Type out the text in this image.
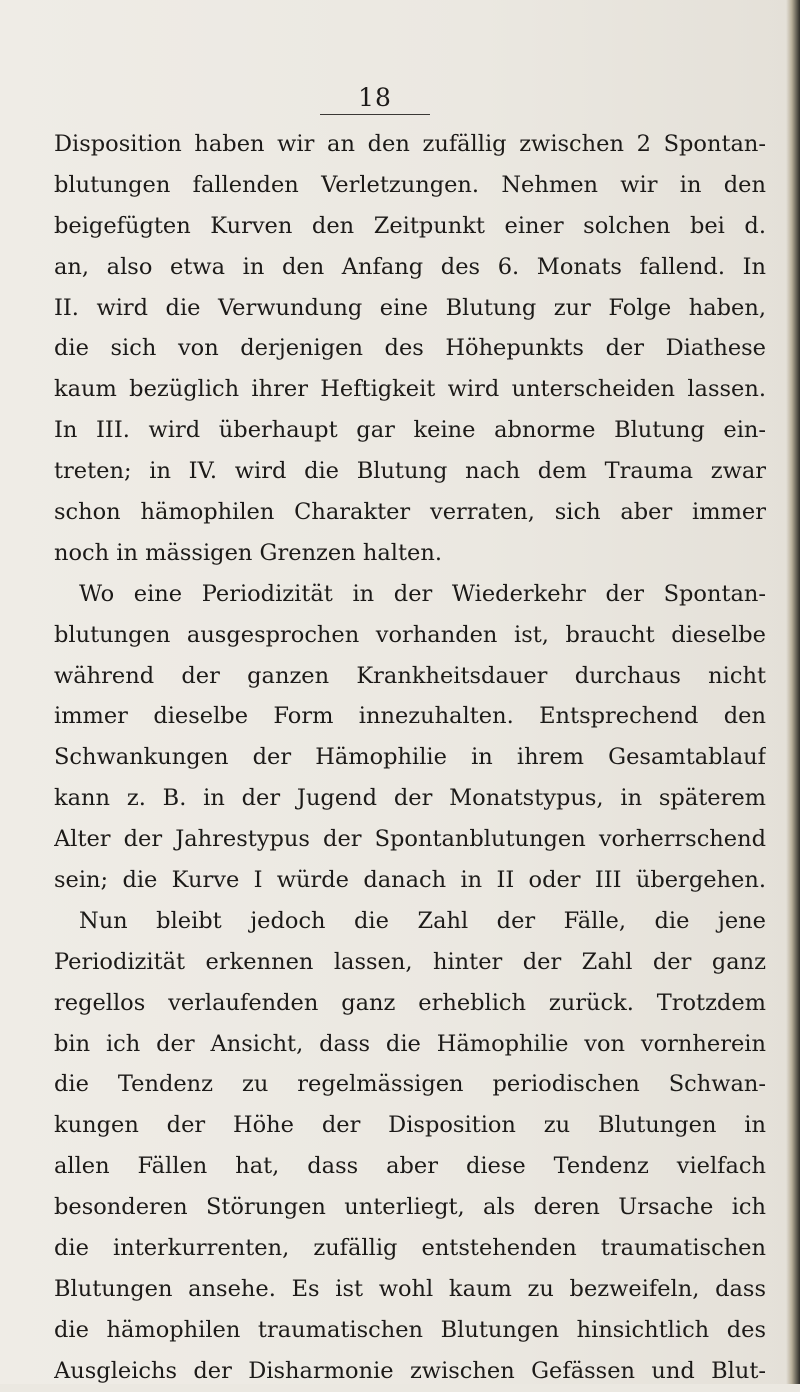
18
Disposition haben wir an den zufällig zwischen 2 Spontan-
blutungen fallenden Verletzungen. Nehmen wir in den
beigefügten Kurven den Zeitpunkt einer solchen bei d.
an, also etwa in den Anfang des 6. Monats fallend. In
II. wird die Verwundung eine Blutung zur Folge haben,
die sich von derjenigen des Höhepunkts der Diathese
kaum bezüglich ihrer Heftigkeit wird unterscheiden lassen.
In III. wird überhaupt gar keine abnorme Blutung ein-
treten; in IV. wird die Blutung nach dem Trauma zwar
schon hämophilen Charakter verraten, sich aber immer
noch in mässigen Grenzen halten.
Wo eine Periodizität in der Wiederkehr der Spontan-
blutungen ausgesprochen vorhanden ist, braucht dieselbe
während der ganzen Krankheitsdauer durchaus nicht
immer dieselbe Form innezuhalten. Entsprechend den
Schwankungen der Hämophilie in ihrem Gesamtablauf
kann z. B. in der Jugend der Monatstypus, in späterem
Alter der Jahrestypus der Spontanblutungen vorherrschend
sein; die Kurve I würde danach in II oder III übergehen.
Nun bleibt jedoch die Zahl der Fälle, die jene
Periodizität erkennen lassen, hinter der Zahl der ganz
regellos verlaufenden ganz erheblich zurück. Trotzdem
bin ich der Ansicht, dass die Hämophilie von vornherein
die Tendenz zu regelmässigen periodischen Schwan-
kungen der Höhe der Disposition zu Blutungen in
allen Fällen hat, dass aber diese Tendenz vielfach
besonderen Störungen unterliegt, als deren Ursache ich
die interkurrenten, zufällig entstehenden traumatischen
Blutungen ansehe. Es ist wohl kaum zu bezweifeln, dass
die hämophilen traumatischen Blutungen hinsichtlich des
Ausgleichs der Disharmonie zwischen Gefässen und Blut-
